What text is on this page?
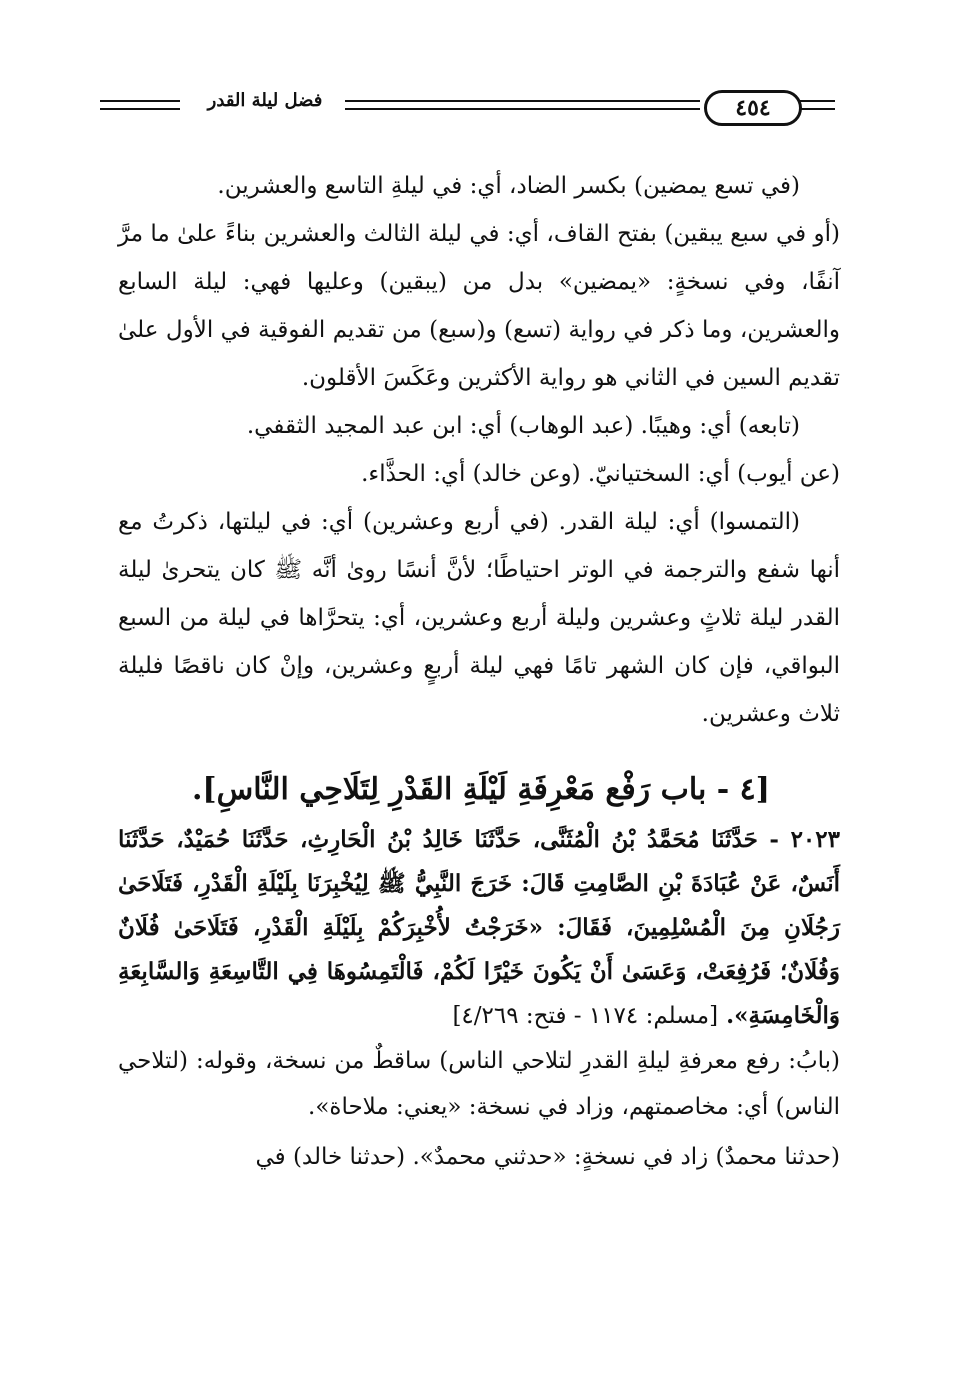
٤٥٤
فضل ليلة القدر

(في تسع يمضين) بكسر الضاد، أي: في ليلةِ التاسع والعشرين.

(أو في سبع يبقين) بفتح القاف، أي: في ليلة الثالث والعشرين بناءً علىٰ ما مرَّ آنفًا، وفي نسخةٍ: «يمضين» بدل من (يبقين) وعليها فهي: ليلة السابع والعشرين، وما ذكر في رواية (تسع) و(سبع) من تقديم الفوقية في الأول علىٰ تقديم السين في الثاني هو رواية الأكثرين وعَكَسَ الأقلون.

(تابعه) أي: وهيبًا. (عبد الوهاب) أي: ابن عبد المجيد الثقفي.

(عن أيوب) أي: السختيانيّ. (وعن خالد) أي: الحذَّاء.

(التمسوا) أي: ليلة القدر. (في أربع وعشرين) أي: في ليلتها، ذكرتُ مع أنها شفع والترجمة في الوتر احتياطًا؛ لأنَّ أنسًا روىٰ أنَّه ﷺ كان يتحرىٰ ليلة القدر ليلة ثلاثٍ وعشرين وليلة أربع وعشرين، أي: يتحرَّاها في ليلة من السبع البواقي، فإن كان الشهر تامًا فهي ليلة أربعٍ وعشرين، وإنْ كان ناقصًا فليلة ثلاث وعشرين.

[٤ - باب رَفْع مَعْرِفَةِ لَيْلَةِ القَدْرِ لِتَلَاحِي النَّاسِ].

٢٠٢٣ - حَدَّثَنَا مُحَمَّدُ بْنُ الْمُثَنَّى، حَدَّثَنَا خَالِدُ بْنُ الْحَارِثِ، حَدَّثَنَا حُمَيْدٌ، حَدَّثَنَا أَنَسٌ، عَنْ عُبَادَةَ بْنِ الصَّامِتِ قَالَ: خَرَجَ النَّبِيُّ ﷺ لِيُخْبِرَنَا بِلَيْلَةِ الْقَدْرِ، فَتَلَاحَىٰ رَجُلَانِ مِنَ الْمُسْلِمِينَ، فَقَالَ: «خَرَجْتُ لأُخْبِرَكُمْ بِلَيْلَةِ الْقَدْرِ، فَتَلَاحَىٰ فُلَانٌ وَفُلَانٌ؛ فَرُفِعَتْ، وَعَسَىٰ أَنْ يَكُونَ خَيْرًا لَكُمْ، فَالْتَمِسُوهَا فِي التَّاسِعَةِ وَالسَّابِعَةِ وَالْخَامِسَةِ». [مسلم: ١١٧٤ - فتح: ٤/٢٦٩]

(بابُ: رفع معرفةِ ليلةِ القدرِ لتلاحي الناس) ساقطٌ من نسخة، وقوله: (لتلاحي الناس) أي: مخاصمتهم، وزاد في نسخة: «يعني: ملاحاة».

(حدثنا محمدٌ) زاد في نسخةٍ: «حدثني محمدٌ». (حدثنا خالد) في
